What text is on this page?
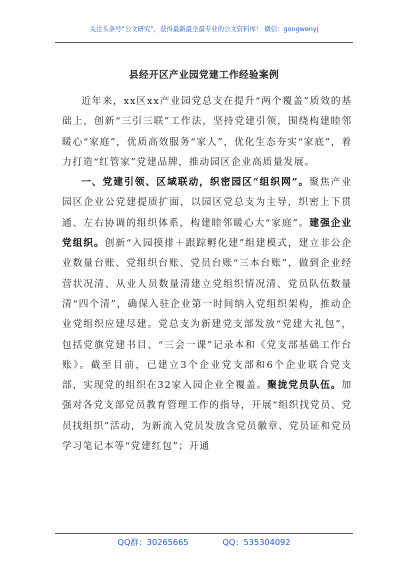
关注头条号“公文研究”，获得最新最全最专业的公文资料库！ 微信：gongwenyj
县经开区产业园党建工作经验案例

近年来，xx区xx产业园党总支在提升“两个覆盖”质效的基础上，创新“三引三联”工作法，坚持党建引领，围绕构建睦邻暖心“家庭”，优质高效服务“家人”，优化生态夯实“家底”，着力打造“红管家”党建品牌，推动园区企业高质量发展。

一、党建引领、区域联动，织密园区“组织网”。聚焦产业园区企业公党建提质扩面，以园区党总支为主导，织密上下贯通、左右协调的组织体系，构建睦邻暖心大“家庭”。建强企业党组织。创新“入园摸排＋跟踪孵化建”组建模式，建立非公企业数量台账、党组织台账、党员台账“三本台账”，做到企业经营状况清、从业人员数量清建立党组织情况清、党员队伍数量清“四个清”，确保入驻企业第一时间纳入党组织架构，推动企业党组织应建尽建。党总支为新建党支部发放“党建大礼包”，包括党旗党建书目、“三会一课”记录本和《党支部基础工作台账》。截至目前，已建立3个企业党支部和6个企业联合党支部，实现党的组织在32家入园企业全覆盖。聚拢党员队伍。加强对各党支部党员教育管理工作的指导，开展“组织找党员、党员找组织”活动，为新流入党员发放含党员徽章、党员证和党员学习笔记本等“党建红包”；开通

QQ群：30265665	QQ：535304092
